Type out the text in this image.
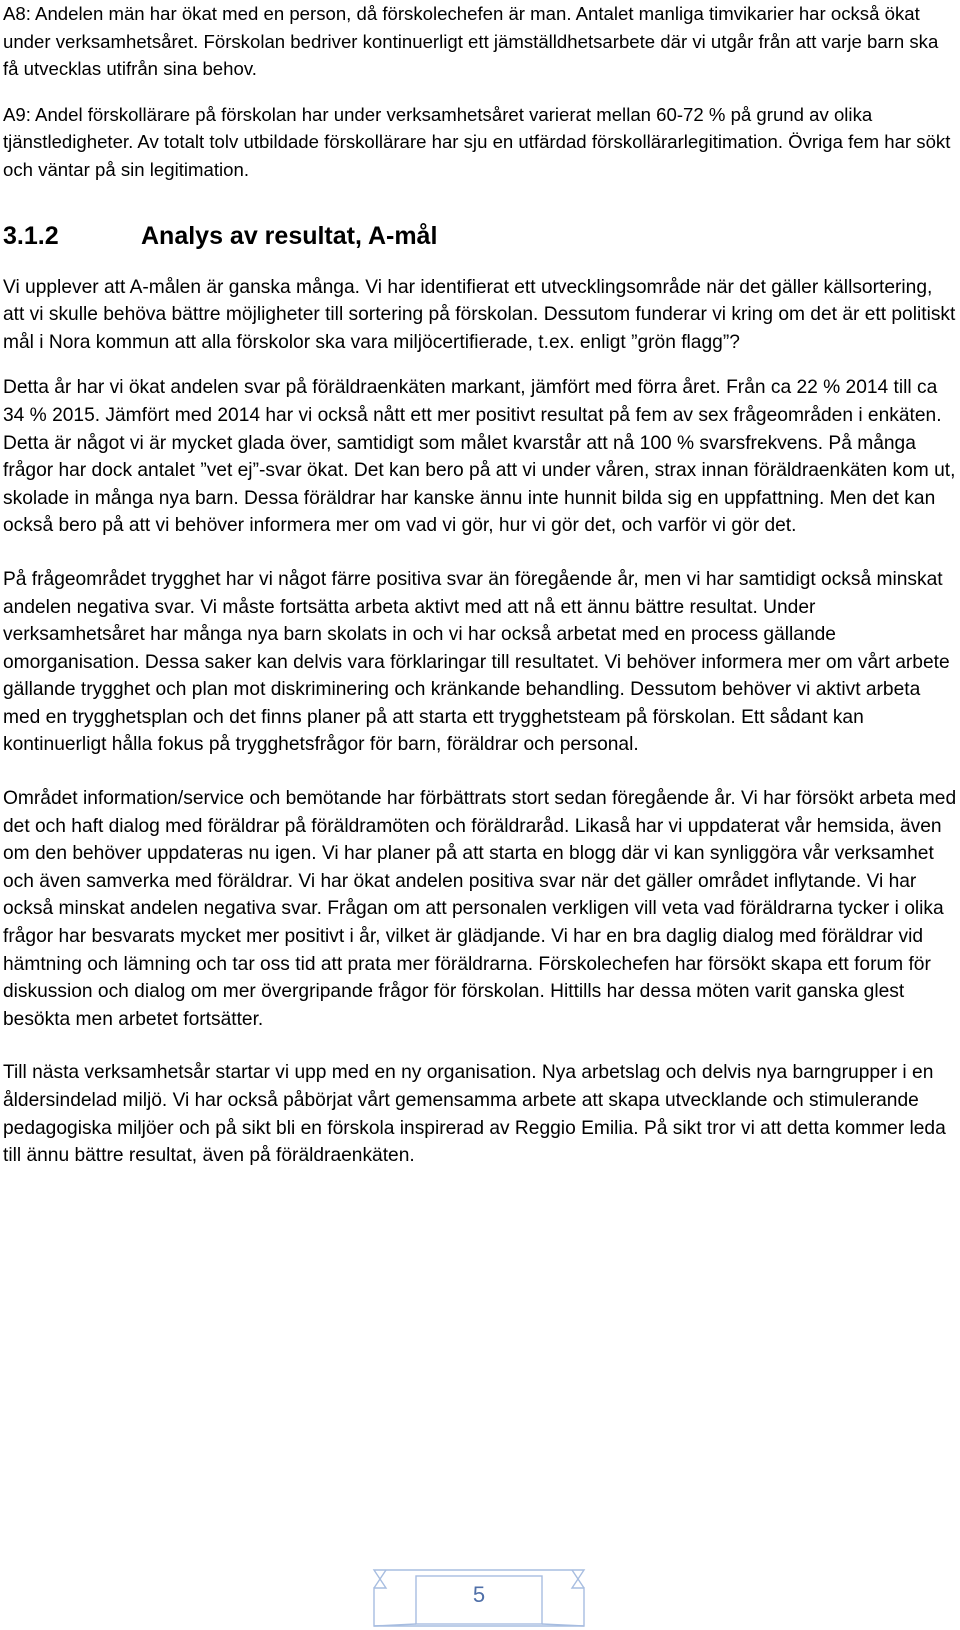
A8: Andelen män har ökat med en person, då förskolechefen är man. Antalet manliga timvikarier har också ökat under verksamhetsåret. Förskolan bedriver kontinuerligt ett jämställdhetsarbete där vi utgår från att varje barn ska få utvecklas utifrån sina behov.

A9: Andel förskollärare på förskolan har under verksamhetsåret varierat mellan 60-72 % på grund av olika tjänstledigheter. Av totalt tolv utbildade förskollärare har sju en utfärdad förskollärarlegitimation. Övriga fem har sökt och väntar på sin legitimation.

3.1.2	Analys av resultat, A-mål

Vi upplever att A-målen är ganska många. Vi har identifierat ett utvecklingsområde när det gäller källsortering, att vi skulle behöva bättre möjligheter till sortering på förskolan. Dessutom funderar vi kring om det är ett politiskt mål i Nora kommun att alla förskolor ska vara miljöcertifierade, t.ex. enligt ”grön flagg”?

Detta år har vi ökat andelen svar på föräldraenkäten markant, jämfört med förra året. Från ca 22 % 2014 till ca 34 % 2015. Jämfört med 2014 har vi också nått ett mer positivt resultat på fem av sex frågeområden i enkäten. Detta är något vi är mycket glada över, samtidigt som målet kvarstår att nå 100 % svarsfrekvens. På många frågor har dock antalet ”vet ej”-svar ökat. Det kan bero på att vi under våren, strax innan föräldraenkäten kom ut, skolade in många nya barn. Dessa föräldrar har kanske ännu inte hunnit bilda sig en uppfattning. Men det kan också bero på att vi behöver informera mer om vad vi gör, hur vi gör det, och varför vi gör det.

På frågeområdet trygghet har vi något färre positiva svar än föregående år, men vi har samtidigt också minskat andelen negativa svar. Vi måste fortsätta arbeta aktivt med att nå ett ännu bättre resultat. Under verksamhetsåret har många nya barn skolats in och vi har också arbetat med en process gällande omorganisation. Dessa saker kan delvis vara förklaringar till resultatet. Vi behöver informera mer om vårt arbete gällande trygghet och plan mot diskriminering och kränkande behandling. Dessutom behöver vi aktivt arbeta med en trygghetsplan och det finns planer på att starta ett trygghetsteam på förskolan. Ett sådant kan kontinuerligt hålla fokus på trygghetsfrågor för barn, föräldrar och personal.

Området information/service och bemötande har förbättrats stort sedan föregående år. Vi har försökt arbeta med det och haft dialog med föräldrar på föräldramöten och föräldraråd. Likaså har vi uppdaterat vår hemsida, även om den behöver uppdateras nu igen. Vi har planer på att starta en blogg där vi kan synliggöra vår verksamhet och även samverka med föräldrar. Vi har ökat andelen positiva svar när det gäller området inflytande. Vi har också minskat andelen negativa svar. Frågan om att personalen verkligen vill veta vad föräldrarna tycker i olika frågor har besvarats mycket mer positivt i år, vilket är glädjande. Vi har en bra daglig dialog med föräldrar vid hämtning och lämning och tar oss tid att prata mer föräldrarna. Förskolechefen har försökt skapa ett forum för diskussion och dialog om mer övergripande frågor för förskolan. Hittills har dessa möten varit ganska glest besökta men arbetet fortsätter.

Till nästa verksamhetsår startar vi upp med en ny organisation. Nya arbetslag och delvis nya barngrupper i en åldersindelad miljö. Vi har också påbörjat vårt gemensamma arbete att skapa utvecklande och stimulerande pedagogiska miljöer och på sikt bli en förskola inspirerad av Reggio Emilia. På sikt tror vi att detta kommer leda till ännu bättre resultat, även på föräldraenkäten.

5
